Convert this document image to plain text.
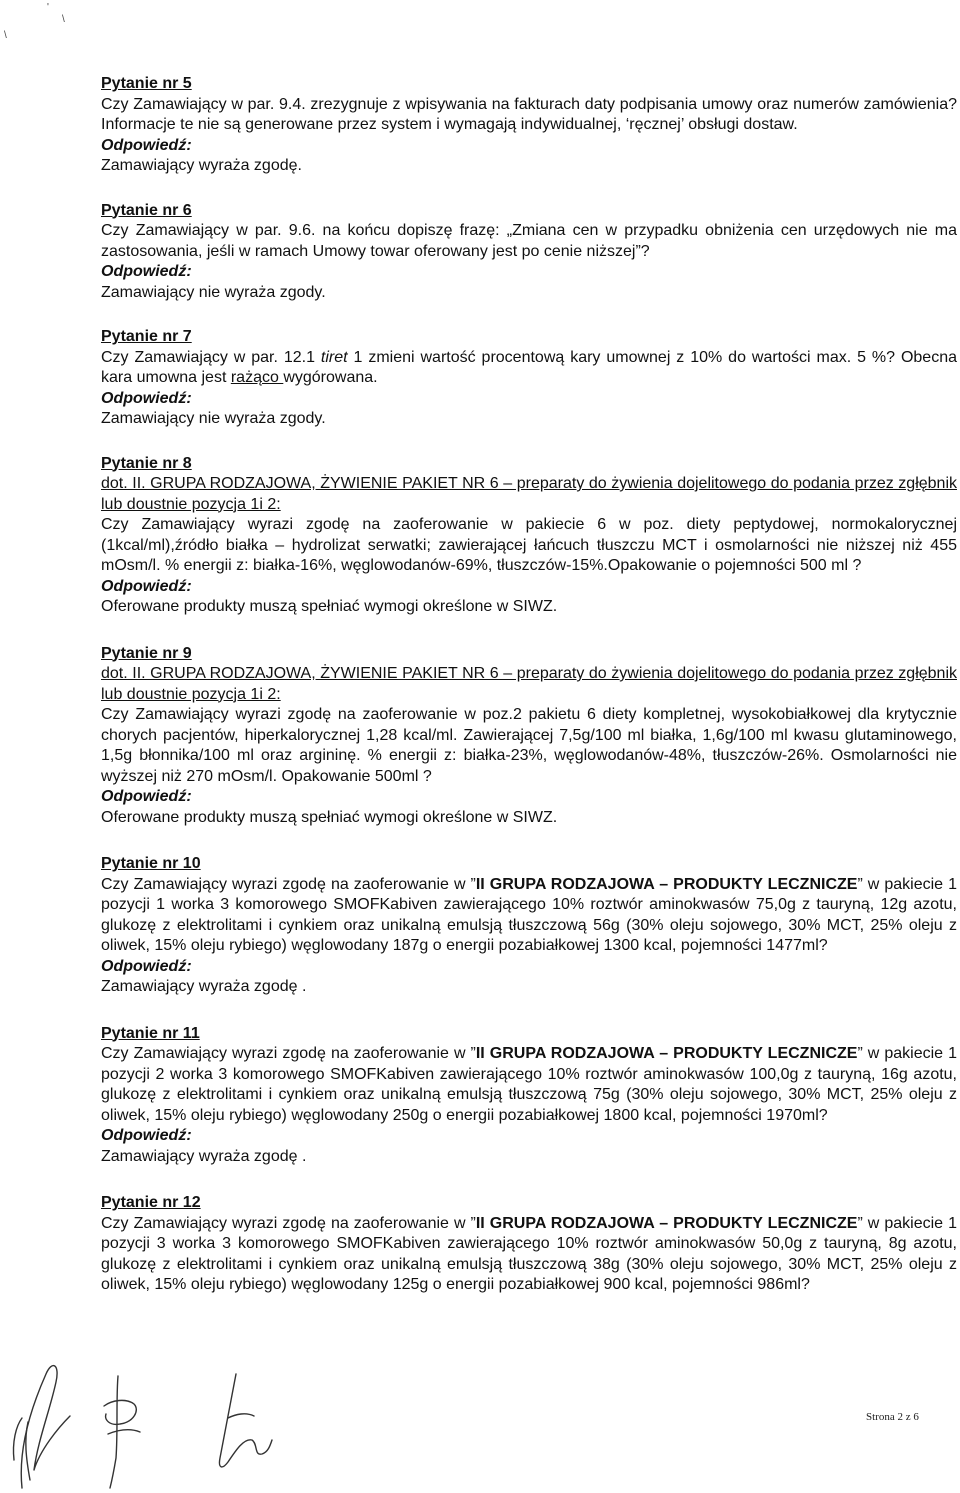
'
\
\
Pytanie nr 5

Czy Zamawiający w par. 9.4. zrezygnuje z wpisywania na fakturach daty podpisania umowy oraz numerów zamówienia? Informacje te nie są generowane przez system i wymagają indywidualnej, ‘ręcznej’ obsługi dostaw.

Odpowiedź:
Zamawiający wyraża zgodę.
Pytanie nr 6

Czy Zamawiający w par. 9.6. na końcu dopiszę frazę: „Zmiana cen w przypadku obniżenia cen urzędowych nie ma zastosowania, jeśli w ramach Umowy towar oferowany jest po cenie niższej”?

Odpowiedź:
Zamawiający nie wyraża zgody.
Pytanie nr 7

Czy Zamawiający w par. 12.1 tiret 1 zmieni wartość procentową kary umownej z 10% do wartości max. 5 %? Obecna kara umowna jest rażąco wygórowana.

Odpowiedź:
Zamawiający nie wyraża zgody.
Pytanie nr 8

dot. II. GRUPA RODZAJOWA, ŻYWIENIE PAKIET NR 6 – preparaty do żywienia dojelitowego do podania przez zgłębnik lub doustnie pozycja 1i 2:

Czy Zamawiający wyrazi zgodę na zaoferowanie w pakiecie 6 w poz. diety peptydowej, normokalorycznej (1kcal/ml),źródło białka – hydrolizat serwatki; zawierającej łańcuch tłuszczu MCT i osmolarności nie niższej niż 455 mOsm/l. % energii z: białka-16%, węglowodanów-69%, tłuszczów-15%.Opakowanie o pojemności 500 ml ?

Odpowiedź:
Oferowane produkty muszą spełniać wymogi określone w SIWZ.
Pytanie nr 9

dot. II. GRUPA RODZAJOWA, ŻYWIENIE PAKIET NR 6 – preparaty do żywienia dojelitowego do podania przez zgłębnik lub doustnie pozycja 1i 2:

Czy Zamawiający wyrazi zgodę na zaoferowanie w poz.2 pakietu 6 diety kompletnej, wysokobiałkowej dla krytycznie chorych pacjentów, hiperkalorycznej 1,28 kcal/ml. Zawierającej 7,5g/100 ml białka, 1,6g/100 ml kwasu glutaminowego, 1,5g błonnika/100 ml oraz argininę. % energii z: białka-23%, węglowodanów-48%, tłuszczów-26%. Osmolarności nie wyższej niż 270 mOsm/l. Opakowanie 500ml ?

Odpowiedź:
Oferowane produkty muszą spełniać wymogi określone w SIWZ.
Pytanie nr 10

Czy Zamawiający wyrazi zgodę na zaoferowanie w ”II GRUPA RODZAJOWA – PRODUKTY LECZNICZE” w pakiecie 1 pozycji 1 worka 3 komorowego SMOFKabiven zawierającego 10% roztwór aminokwasów 75,0g z tauryną, 12g azotu, glukozę z elektrolitami i cynkiem oraz unikalną emulsją tłuszczową 56g (30% oleju sojowego, 30% MCT, 25% oleju z oliwek, 15% oleju rybiego) węglowodany 187g o energii pozabiałkowej 1300 kcal, pojemności 1477ml?

Odpowiedź:
Zamawiający wyraża zgodę .
Pytanie nr 11

Czy Zamawiający wyrazi zgodę na zaoferowanie w ”II GRUPA RODZAJOWA – PRODUKTY LECZNICZE” w pakiecie 1 pozycji 2 worka 3 komorowego SMOFKabiven zawierającego 10% roztwór aminokwasów 100,0g z tauryną, 16g azotu, glukozę z elektrolitami i cynkiem oraz unikalną emulsją tłuszczową 75g (30% oleju sojowego, 30% MCT, 25% oleju z oliwek, 15% oleju rybiego) węglowodany 250g o energii pozabiałkowej 1800 kcal, pojemności 1970ml?

Odpowiedź:
Zamawiający wyraża zgodę .
Pytanie nr 12

Czy Zamawiający wyrazi zgodę na zaoferowanie w ”II GRUPA RODZAJOWA – PRODUKTY LECZNICZE” w pakiecie 1 pozycji 3 worka 3 komorowego SMOFKabiven zawierającego 10% roztwór aminokwasów 50,0g z tauryną, 8g azotu, glukozę z elektrolitami i cynkiem oraz unikalną emulsją tłuszczową 38g (30% oleju sojowego, 30% MCT, 25% oleju z oliwek, 15% oleju rybiego) węglowodany 125g o energii pozabiałkowej 900 kcal, pojemności 986ml?

Strona 2 z 6
